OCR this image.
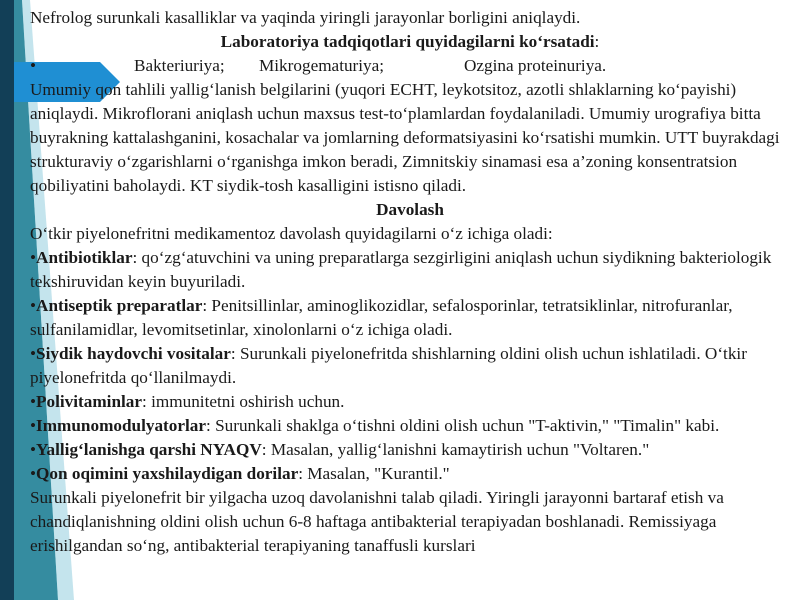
Nefrolog surunkali kasalliklar va yaqinda yiringli jarayonlar borligini aniqlaydi.

Laboratoriya tadqiqotlari quyidagilarni ko‘rsatadi:

•	Bakteriuriya;	Mikrogematuriya;	Ozgina proteinuriya.

Umumiy qon tahlili yallig‘lanish belgilarini (yuqori ECHT, leykotsitoz, azotli shlaklarning ko‘payishi) aniqlaydi. Mikroflorani aniqlash uchun maxsus test-to‘plamlardan foydalaniladi. Umumiy urografiya bitta buyrakning kattalashganini, kosachalar va jomlarning deformatsiyasini ko‘rsatishi mumkin. UTT buyrakdagi strukturaviy o‘zgarishlarni o‘rganishga imkon beradi, Zimnitskiy sinamasi esa a’zoning konsentratsion qobiliyatini baholaydi. KT siydik-tosh kasalligini istisno qiladi.

Davolash

O‘tkir piyelonefritni medikamentoz davolash quyidagilarni o‘z ichiga oladi:

•Antibiotiklar: qo‘zg‘atuvchini va uning preparatlarga sezgirligini aniqlash uchun siydikning bakteriologik tekshiruvidan keyin buyuriladi.

•Antiseptik preparatlar: Penitsillinlar, aminoglikozidlar, sefalosporinlar, tetratsiklinlar, nitrofuranlar, sulfanilamidlar, levomitsetinlar, xinolonlarni o‘z ichiga oladi.

•Siydik haydovchi vositalar: Surunkali piyelonefritda shishlarning oldini olish uchun ishlatiladi. O‘tkir piyelonefritda qo‘llanilmaydi.

•Polivitaminlar: immunitetni oshirish uchun.

•Immunomodulyatorlar: Surunkali shaklga o‘tishni oldini olish uchun "T-aktivin," "Timalin" kabi.

•Yallig‘lanishga qarshi NYAQV: Masalan, yallig‘lanishni kamaytirish uchun "Voltaren."

•Qon oqimini yaxshilaydigan dorilar: Masalan, "Kurantil."

Surunkali piyelonefrit bir yilgacha uzoq davolanishni talab qiladi. Yiringli jarayonni bartaraf etish va chandiqlanishning oldini olish uchun 6-8 haftaga antibakterial terapiyadan boshlanadi. Remissiyaga erishilgandan so‘ng, antibakterial terapiyaning tanaffusli kurslari
